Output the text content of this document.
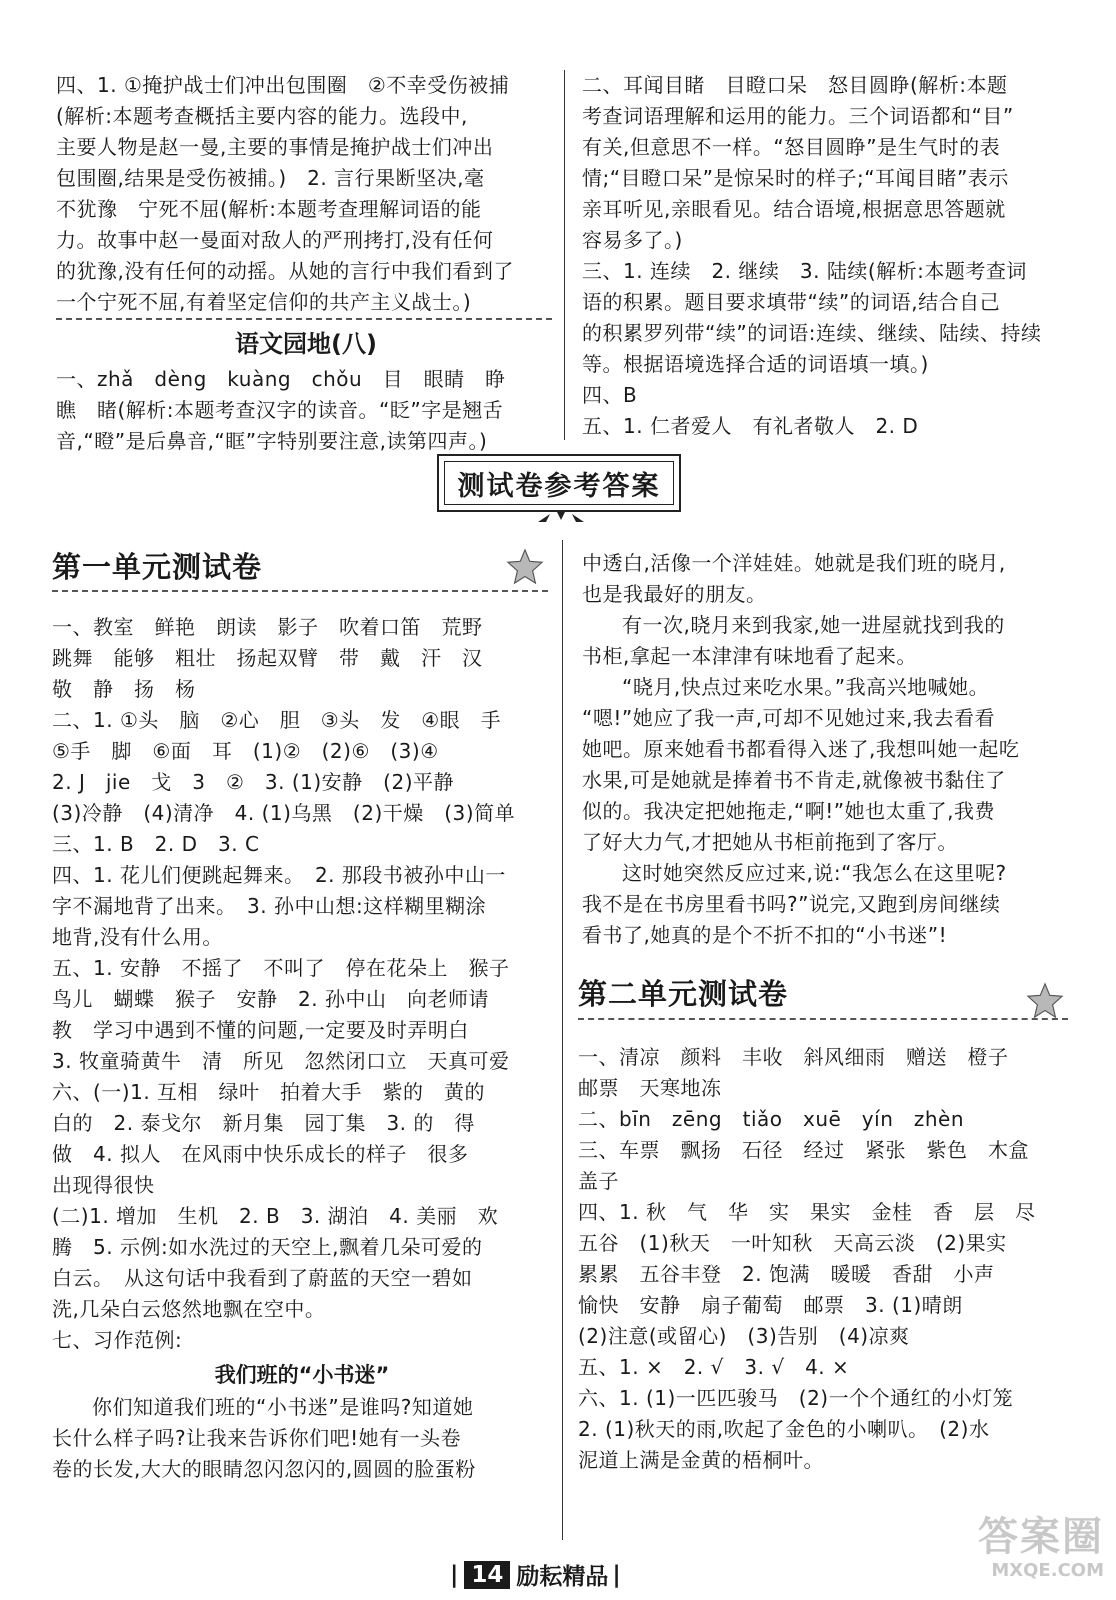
四、1. ①掩护战士们冲出包围圈　②不幸受伤被捕
(解析:本题考查概括主要内容的能力。选段中,
主要人物是赵一曼,主要的事情是掩护战士们冲出
包围圈,结果是受伤被捕。)　2. 言行果断坚决,毫
不犹豫　宁死不屈(解析:本题考查理解词语的能
力。故事中赵一曼面对敌人的严刑拷打,没有任何
的犹豫,没有任何的动摇。从她的言行中我们看到了
一个宁死不屈,有着坚定信仰的共产主义战士。)
语文园地(八)
一、zhǎ　dèng　kuàng　chǒu　目　眼睛　睁
瞧　睹(解析:本题考查汉字的读音。“眨”字是翘舌
音,“瞪”是后鼻音,“眶”字特别要注意,读第四声。)
二、耳闻目睹　目瞪口呆　怒目圆睁(解析:本题
考查词语理解和运用的能力。三个词语都和“目”
有关,但意思不一样。“怒目圆睁”是生气时的表
情;“目瞪口呆”是惊呆时的样子;“耳闻目睹”表示
亲耳听见,亲眼看见。结合语境,根据意思答题就
容易多了。)
三、1. 连续　2. 继续　3. 陆续(解析:本题考查词
语的积累。题目要求填带“续”的词语,结合自己
的积累罗列带“续”的词语:连续、继续、陆续、持续
等。根据语境选择合适的词语填一填。)
四、B
五、1. 仁者爱人　有礼者敬人　2. D
测试卷参考答案
第一单元测试卷
一、教室　鲜艳　朗读　影子　吹着口笛　荒野
跳舞　能够　粗壮　扬起双臂　带　戴　汗　汉
敬　静　扬　杨
二、1. ①头　脑　②心　胆　③头　发　④眼　手
⑤手　脚　⑥面　耳　(1)②　(2)⑥　(3)④
2. J　jie　戈　3　②　3. (1)安静　(2)平静
(3)冷静　(4)清净　4. (1)乌黑　(2)干燥　(3)简单
三、1. B　2. D　3. C
四、1. 花儿们便跳起舞来。　2. 那段书被孙中山一
字不漏地背了出来。　3. 孙中山想:这样糊里糊涂
地背,没有什么用。
五、1. 安静　不摇了　不叫了　停在花朵上　猴子
鸟儿　蝴蝶　猴子　安静　2. 孙中山　向老师请
教　学习中遇到不懂的问题,一定要及时弄明白
3. 牧童骑黄牛　清　所见　忽然闭口立　天真可爱
六、(一)1. 互相　绿叶　拍着大手　紫的　黄的
白的　2. 泰戈尔　新月集　园丁集　3. 的　得
做　4. 拟人　在风雨中快乐成长的样子　很多
出现得很快
(二)1. 增加　生机　2. B　3. 湖泊　4. 美丽　欢
腾　5. 示例:如水洗过的天空上,飘着几朵可爱的
白云。　从这句话中我看到了蔚蓝的天空一碧如
洗,几朵白云悠然地飘在空中。
七、习作范例:
我们班的“小书迷”
你们知道我们班的“小书迷”是谁吗?知道她
长什么样子吗?让我来告诉你们吧!她有一头卷
卷的长发,大大的眼睛忽闪忽闪的,圆圆的脸蛋粉
中透白,活像一个洋娃娃。她就是我们班的晓月,
也是我最好的朋友。
有一次,晓月来到我家,她一进屋就找到我的
书柜,拿起一本津津有味地看了起来。
“晓月,快点过来吃水果。”我高兴地喊她。
“嗯!”她应了我一声,可却不见她过来,我去看看
她吧。原来她看书都看得入迷了,我想叫她一起吃
水果,可是她就是捧着书不肯走,就像被书黏住了
似的。我决定把她拖走,“啊!”她也太重了,我费
了好大力气,才把她从书柜前拖到了客厅。
这时她突然反应过来,说:“我怎么在这里呢?
我不是在书房里看书吗?”说完,又跑到房间继续
看书了,她真的是个不折不扣的“小书迷”!
第二单元测试卷
一、清凉　颜料　丰收　斜风细雨　赠送　橙子
邮票　天寒地冻
二、bīn　zēng　tiǎo　xuē　yín　zhèn
三、车票　飘扬　石径　经过　紧张　紫色　木盒
盖子
四、1. 秋　气　华　实　果实　金桂　香　层　尽
五谷　(1)秋天　一叶知秋　天高云淡　(2)果实
累累　五谷丰登　2. 饱满　暖暖　香甜　小声
愉快　安静　扇子葡萄　邮票　3. (1)晴朗
(2)注意(或留心)　(3)告别　(4)凉爽
五、1. ×　2. √　3. √　4. ×
六、1. (1)一匹匹骏马　(2)一个个通红的小灯笼
2. (1)秋天的雨,吹起了金色的小喇叭。　(2)水
泥道上满是金黄的梧桐叶。
| 14 励耘精品 |
答案圈
MXQE.COM
